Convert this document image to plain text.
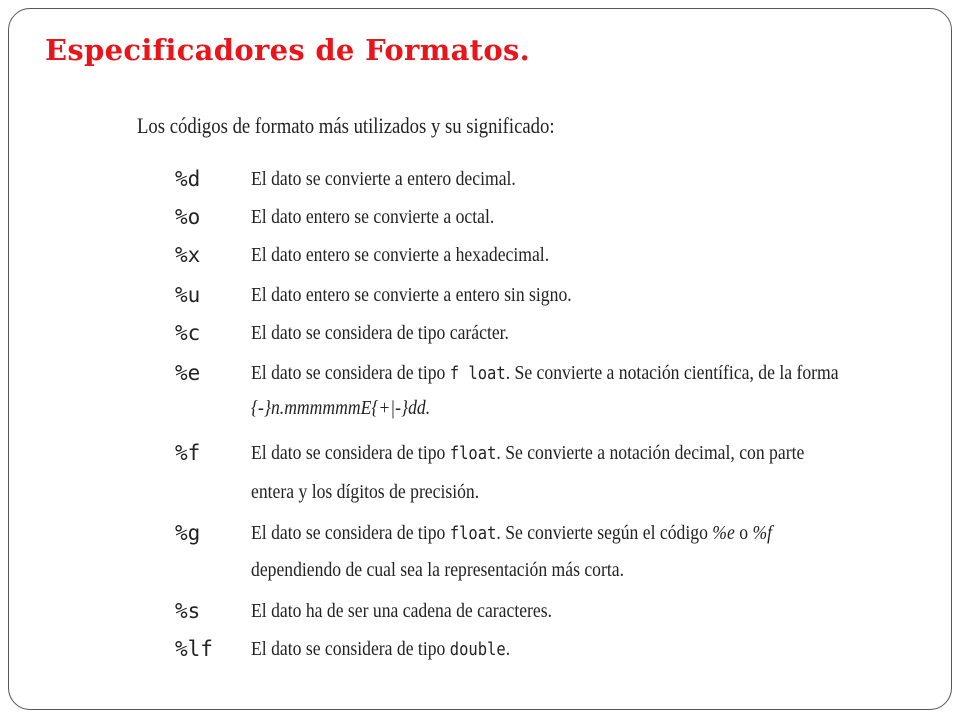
Especificadores de Formatos.
Los códigos de formato más utilizados y su significado:
%d El dato se convierte a entero decimal.
%o El dato entero se convierte a octal.
%x El dato entero se convierte a hexadecimal.
%u El dato entero se convierte a entero sin signo.
%c El dato se considera de tipo carácter.
%e El dato se considera de tipo f loat. Se convierte a notación científica, de la forma
{-}n.mmmmmmE{+|-}dd.
%f El dato se considera de tipo float. Se convierte a notación decimal, con parte
entera y los dígitos de precisión.
%g El dato se considera de tipo float. Se convierte según el código %e o %f
dependiendo de cual sea la representación más corta.
%s El dato ha de ser una cadena de caracteres.
%lf El dato se considera de tipo double.
